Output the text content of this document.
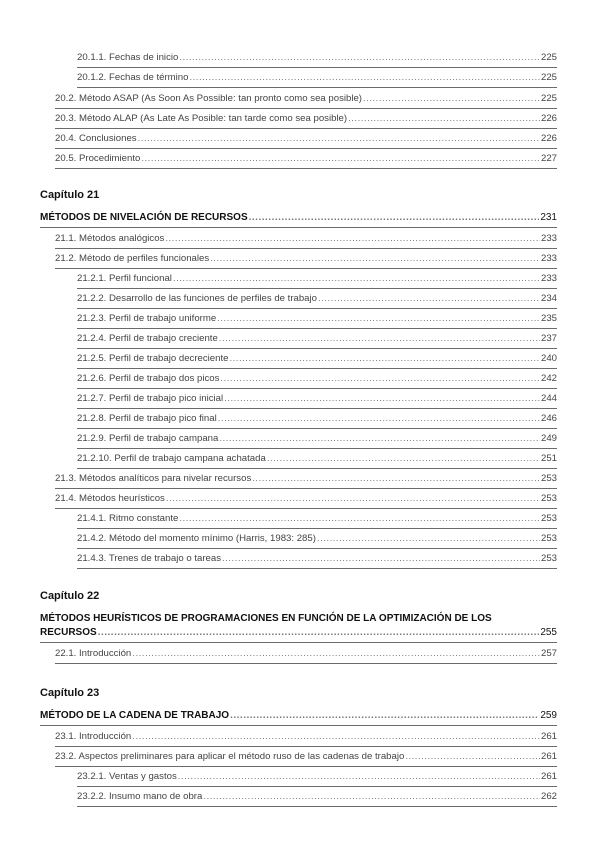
20.1.1. Fechas de inicio .....	225
20.1.2. Fechas de término .....	225
20.2. Método ASAP (As Soon As Possible: tan pronto como sea posible) .....	225
20.3. Método ALAP (As Late As Posible: tan tarde como sea posible) .....	226
20.4. Conclusiones .....	226
20.5. Procedimiento .....	227
Capítulo 21
MÉTODOS DE NIVELACIÓN DE RECURSOS .....	231
21.1. Métodos analógicos .....	233
21.2. Método de perfiles funcionales .....	233
21.2.1. Perfil funcional .....	233
21.2.2. Desarrollo de las funciones de perfiles de trabajo .....	234
21.2.3. Perfil de trabajo uniforme .....	235
21.2.4. Perfil de trabajo creciente .....	237
21.2.5. Perfil de trabajo decreciente .....	240
21.2.6. Perfil de trabajo dos picos .....	242
21.2.7. Perfil de trabajo pico inicial .....	244
21.2.8. Perfil de trabajo pico final .....	246
21.2.9. Perfil de trabajo campana .....	249
21.2.10. Perfil de trabajo campana achatada .....	251
21.3. Métodos analíticos para nivelar recursos .....	253
21.4. Métodos heurísticos .....	253
21.4.1. Ritmo constante .....	253
21.4.2. Método del momento mínimo (Harris, 1983: 285) .....	253
21.4.3. Trenes de trabajo o tareas .....	253
Capítulo 22
MÉTODOS HEURÍSTICOS DE PROGRAMACIONES EN FUNCIÓN DE LA OPTIMIZACIÓN DE LOS
RECURSOS .....	255
22.1. Introducción .....	257
Capítulo 23
MÉTODO DE LA CADENA DE TRABAJO .....	259
23.1. Introducción .....	261
23.2. Aspectos preliminares para aplicar el método ruso de las cadenas de trabajo .....	261
23.2.1. Ventas y gastos .....	261
23.2.2. Insumo mano de obra .....	262
